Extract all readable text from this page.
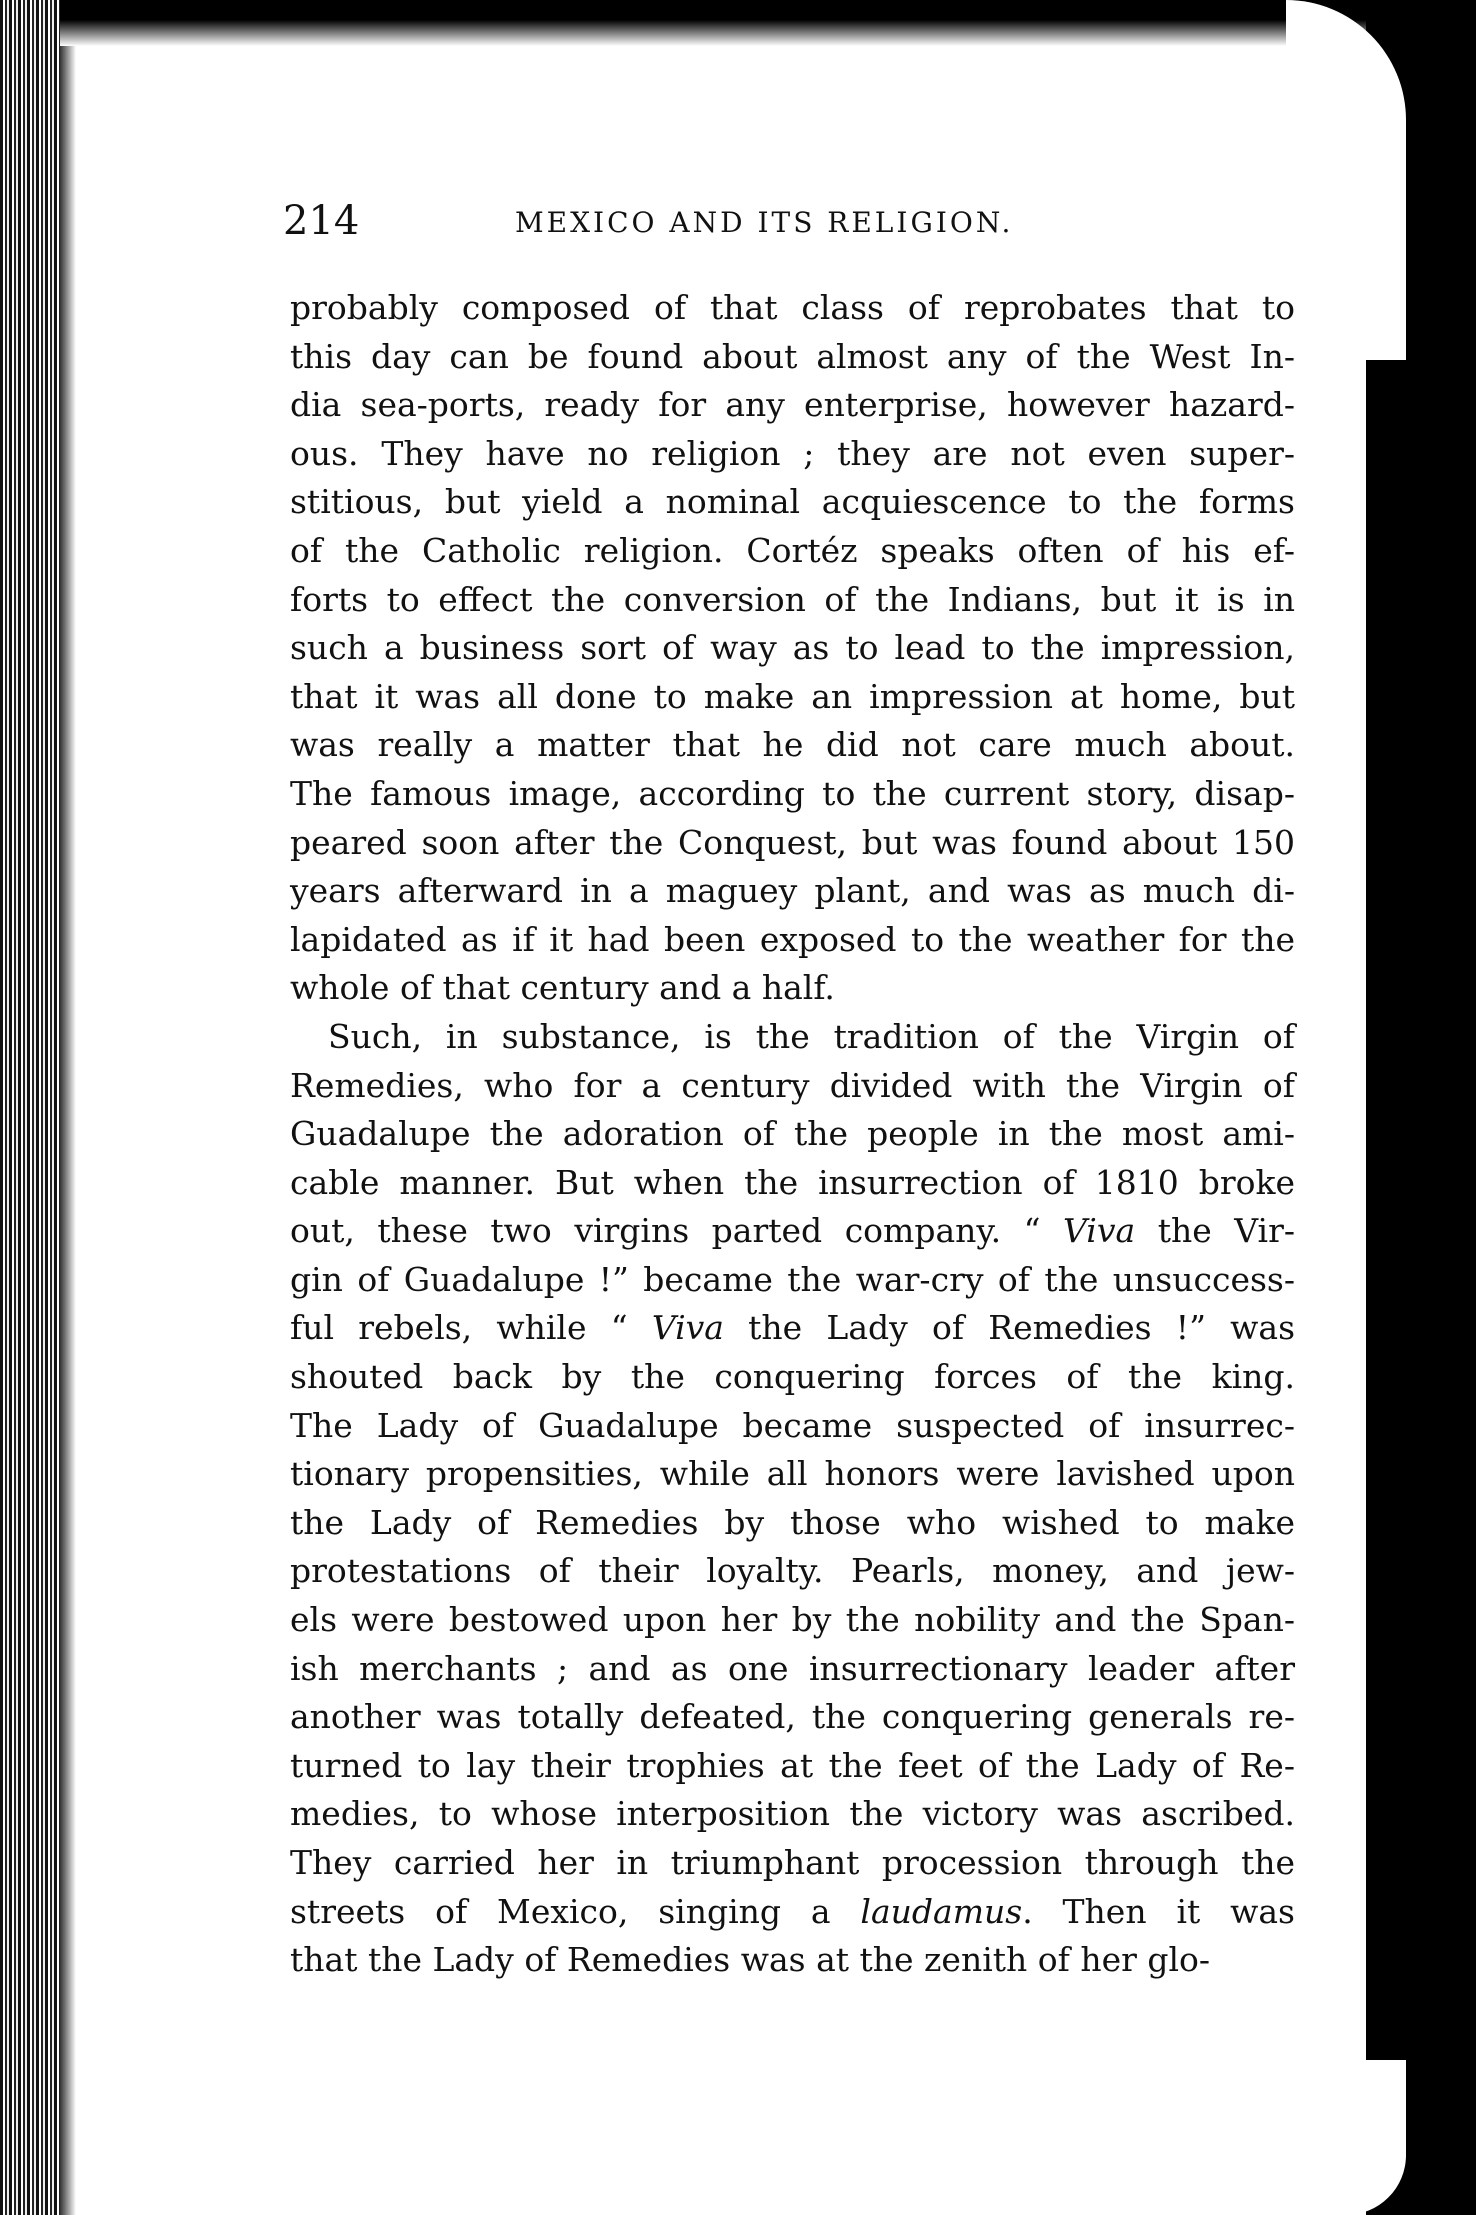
214	MEXICO AND ITS RELIGION.
probably composed of that class of reprobates that to
this day can be found about almost any of the West In-
dia sea-ports, ready for any enterprise, however hazard-
ous. They have no religion ; they are not even super-
stitious, but yield a nominal acquiescence to the forms
of the Catholic religion. Cortéz speaks often of his ef-
forts to effect the conversion of the Indians, but it is in
such a business sort of way as to lead to the impression,
that it was all done to make an impression at home, but
was really a matter that he did not care much about.
The famous image, according to the current story, disap-
peared soon after the Conquest, but was found about 150
years afterward in a maguey plant, and was as much di-
lapidated as if it had been exposed to the weather for the
whole of that century and a half.
Such, in substance, is the tradition of the Virgin of
Remedies, who for a century divided with the Virgin of
Guadalupe the adoration of the people in the most ami-
cable manner. But when the insurrection of 1810 broke
out, these two virgins parted company. “ Viva the Vir-
gin of Guadalupe !” became the war-cry of the unsuccess-
ful rebels, while “ Viva the Lady of Remedies !” was
shouted back by the conquering forces of the king.
The Lady of Guadalupe became suspected of insurrec-
tionary propensities, while all honors were lavished upon
the Lady of Remedies by those who wished to make
protestations of their loyalty. Pearls, money, and jew-
els were bestowed upon her by the nobility and the Span-
ish merchants ; and as one insurrectionary leader after
another was totally defeated, the conquering generals re-
turned to lay their trophies at the feet of the Lady of Re-
medies, to whose interposition the victory was ascribed.
They carried her in triumphant procession through the
streets of Mexico, singing a laudamus. Then it was
that the Lady of Remedies was at the zenith of her glo-
